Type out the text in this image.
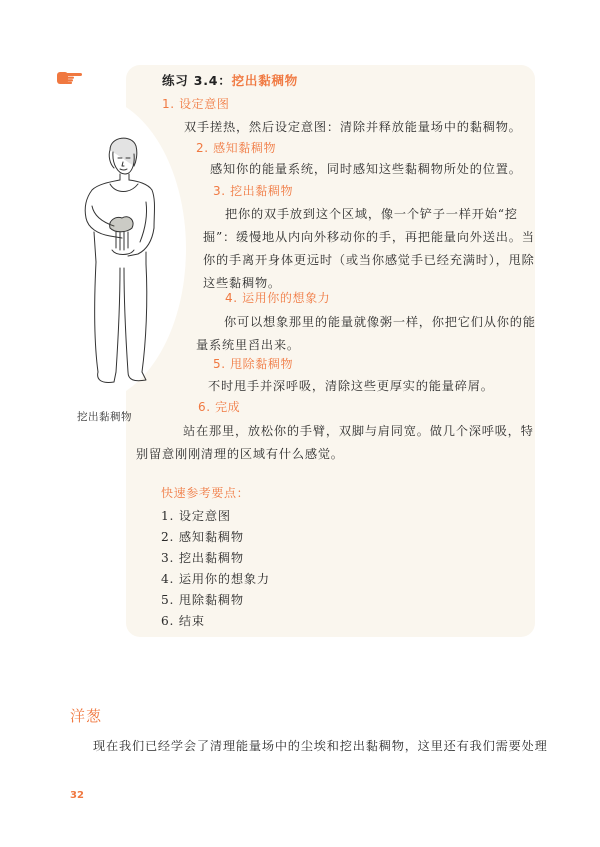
挖出黏稠物
练习 3.4：挖出黏稠物
1. 设定意图
双手搓热，然后设定意图：清除并释放能量场中的黏稠物。
2. 感知黏稠物
感知你的能量系统，同时感知这些黏稠物所处的位置。
3. 挖出黏稠物
把你的双手放到这个区域，像一个铲子一样开始“挖
掘”：缓慢地从内向外移动你的手，再把能量向外送出。当
你的手离开身体更远时（或当你感觉手已经充满时），甩除
这些黏稠物。
4. 运用你的想象力
你可以想象那里的能量就像粥一样，你把它们从你的能
量系统里舀出来。
5. 甩除黏稠物
不时甩手并深呼吸，清除这些更厚实的能量碎屑。
6. 完成
站在那里，放松你的手臂，双脚与肩同宽。做几个深呼吸，特
别留意刚刚清理的区域有什么感觉。
快速参考要点：
1. 设定意图
2. 感知黏稠物
3. 挖出黏稠物
4. 运用你的想象力
5. 甩除黏稠物
6. 结束
洋葱
现在我们已经学会了清理能量场中的尘埃和挖出黏稠物，这里还有我们需要处理
32
